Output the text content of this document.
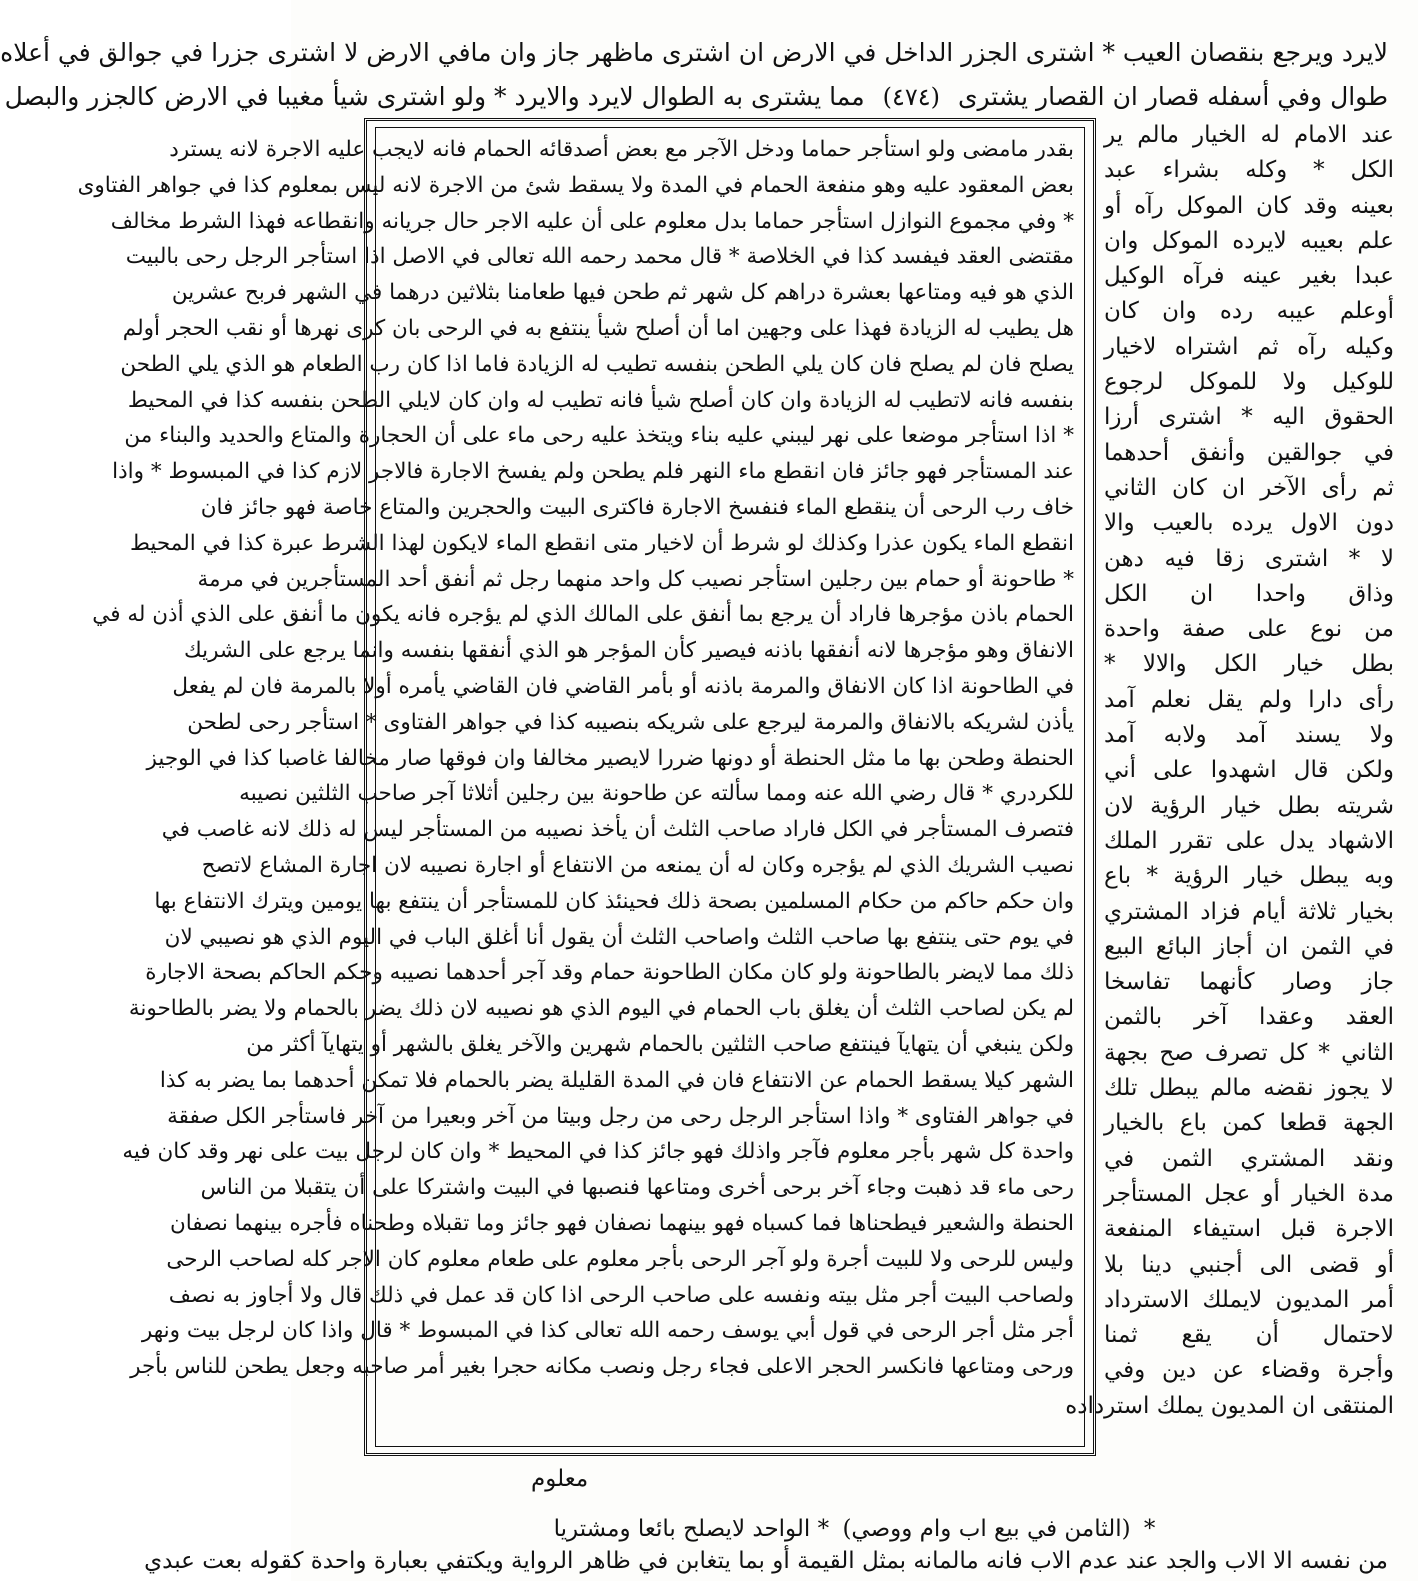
لايرد ويرجع بنقصان العيب * اشترى الجزر الداخل في الارض ان اشترى ماظهر جاز وان مافي الارض لا اشترى جزرا في جوالق في أعلاه
طوال وفي أسفله قصار ان القصار يشترى (٤٧٤) مما يشترى به الطوال لايرد والايرد * ولو اشترى شيأ مغيبا في الارض كالجزر والبصل
عند الامام له الخيار مالم ير
الكل * وكله بشراء عبد
بعينه وقد كان الموكل رآه أو
علم بعيبه لايرده الموكل وان
عبدا بغير عينه فرآه الوكيل
أوعلم عيبه رده وان كان
وكيله رآه ثم اشتراه لاخيار
للوكيل ولا للموكل لرجوع
الحقوق اليه * اشترى أرزا
في جوالقين وأنفق أحدهما
ثم رأى الآخر ان كان الثاني
دون الاول يرده بالعيب والا
لا * اشترى زقا فيه دهن
وذاق واحدا ان الكل
من نوع على صفة واحدة
بطل خيار الكل والالا *
رأى دارا ولم يقل نعلم آمد
ولا يسند آمد ولابه آمد
ولكن قال اشهدوا على أني
شريته بطل خيار الرؤية لان
الاشهاد يدل على تقرر الملك
وبه يبطل خيار الرؤية * باع
بخيار ثلاثة أيام فزاد المشتري
في الثمن ان أجاز البائع البيع
جاز وصار كأنهما تفاسخا
العقد وعقدا آخر بالثمن
الثاني * كل تصرف صح بجهة
لا يجوز نقضه مالم يبطل تلك
الجهة قطعا كمن باع بالخيار
ونقد المشتري الثمن في
مدة الخيار أو عجل المستأجر
الاجرة قبل استيفاء المنفعة
أو قضى الى أجنبي دينا بلا
أمر المديون لايملك الاسترداد
لاحتمال أن يقع ثمنا
وأجرة وقضاء عن دين وفي
المنتقى ان المديون يملك استرداده
بقدر مامضى ولو استأجر حماما ودخل الآجر مع بعض أصدقائه الحمام فانه لايجب عليه الاجرة لانه يسترد
بعض المعقود عليه وهو منفعة الحمام في المدة ولا يسقط شئ من الاجرة لانه ليس بمعلوم كذا في جواهر الفتاوى
* وفي مجموع النوازل استأجر حماما بدل معلوم على أن عليه الاجر حال جريانه وانقطاعه فهذا الشرط مخالف
مقتضى العقد فيفسد كذا في الخلاصة * قال محمد رحمه الله تعالى في الاصل اذا استأجر الرجل رحى بالبيت
الذي هو فيه ومتاعها بعشرة دراهم كل شهر ثم طحن فيها طعامنا بثلاثين درهما في الشهر فربح عشرين
هل يطيب له الزيادة فهذا على وجهين اما أن أصلح شيأ ينتفع به في الرحى بان كرى نهرها أو نقب الحجر أولم
يصلح فان لم يصلح فان كان يلي الطحن بنفسه تطيب له الزيادة فاما اذا كان رب الطعام هو الذي يلي الطحن
بنفسه فانه لاتطيب له الزيادة وان كان أصلح شيأ فانه تطيب له وان كان لايلي الطحن بنفسه كذا في المحيط
* اذا استأجر موضعا على نهر ليبني عليه بناء ويتخذ عليه رحى ماء على أن الحجارة والمتاع والحديد والبناء من
عند المستأجر فهو جائز فان انقطع ماء النهر فلم يطحن ولم يفسخ الاجارة فالاجر لازم كذا في المبسوط * واذا
خاف رب الرحى أن ينقطع الماء فنفسخ الاجارة فاكترى البيت والحجرين والمتاع خاصة فهو جائز فان
انقطع الماء يكون عذرا وكذلك لو شرط أن لاخيار متى انقطع الماء لايكون لهذا الشرط عبرة كذا في المحيط
* طاحونة أو حمام بين رجلين استأجر نصيب كل واحد منهما رجل ثم أنفق أحد المستأجرين في مرمة
الحمام باذن مؤجرها فاراد أن يرجع بما أنفق على المالك الذي لم يؤجره فانه يكون ما أنفق على الذي أذن له في
الانفاق وهو مؤجرها لانه أنفقها باذنه فيصير كأن المؤجر هو الذي أنفقها بنفسه وانما يرجع على الشريك
في الطاحونة اذا كان الانفاق والمرمة باذنه أو بأمر القاضي فان القاضي يأمره أولا بالمرمة فان لم يفعل
يأذن لشريكه بالانفاق والمرمة ليرجع على شريكه بنصيبه كذا في جواهر الفتاوى * استأجر رحى لطحن
الحنطة وطحن بها ما مثل الحنطة أو دونها ضررا لايصير مخالفا وان فوقها صار مخالفا غاصبا كذا في الوجيز
للكردري * قال رضي الله عنه ومما سألته عن طاحونة بين رجلين أثلاثا آجر صاحب الثلثين نصيبه
فتصرف المستأجر في الكل فاراد صاحب الثلث أن يأخذ نصيبه من المستأجر ليس له ذلك لانه غاصب في
نصيب الشريك الذي لم يؤجره وكان له أن يمنعه من الانتفاع أو اجارة نصيبه لان اجارة المشاع لاتصح
وان حكم حاكم من حكام المسلمين بصحة ذلك فحينئذ كان للمستأجر أن ينتفع بها يومين ويترك الانتفاع بها
في يوم حتى ينتفع بها صاحب الثلث واصاحب الثلث أن يقول أنا أغلق الباب في اليوم الذي هو نصيبي لان
ذلك مما لايضر بالطاحونة ولو كان مكان الطاحونة حمام وقد آجر أحدهما نصيبه وحكم الحاكم بصحة الاجارة
لم يكن لصاحب الثلث أن يغلق باب الحمام في اليوم الذي هو نصيبه لان ذلك يضر بالحمام ولا يضر بالطاحونة
ولكن ينبغي أن يتهايآ فينتفع صاحب الثلثين بالحمام شهرين والآخر يغلق بالشهر أو يتهايآ أكثر من
الشهر كيلا يسقط الحمام عن الانتفاع فان في المدة القليلة يضر بالحمام فلا تمكن أحدهما بما يضر به كذا
في جواهر الفتاوى * واذا استأجر الرجل رحى من رجل وبيتا من آخر وبعيرا من آخر فاستأجر الكل صفقة
واحدة كل شهر بأجر معلوم فآجر واذلك فهو جائز كذا في المحيط * وان كان لرجل بيت على نهر وقد كان فيه
رحى ماء قد ذهبت وجاء آخر برحى أخرى ومتاعها فنصبها في البيت واشتركا على أن يتقبلا من الناس
الحنطة والشعير فيطحناها فما كسباه فهو بينهما نصفان فهو جائز وما تقبلاه وطحناه فأجره بينهما نصفان
وليس للرحى ولا للبيت أجرة ولو آجر الرحى بأجر معلوم على طعام معلوم كان الاجر كله لصاحب الرحى
ولصاحب البيت أجر مثل بيته ونفسه على صاحب الرحى اذا كان قد عمل في ذلك قال ولا أجاوز به نصف
أجر مثل أجر الرحى في قول أبي يوسف رحمه الله تعالى كذا في المبسوط * قال واذا كان لرجل بيت ونهر
ورحى ومتاعها فانكسر الحجر الاعلى فجاء رجل ونصب مكانه حجرا بغير أمر صاحبه وجعل يطحن للناس بأجر
معلوم
* (الثامن في بيع اب وام ووصي) * الواحد لايصلح بائعا ومشتريا
من نفسه الا الاب والجد عند عدم الاب فانه مالمانه بمثل القيمة أو بما يتغابن في ظاهر الرواية ويكتفي بعبارة واحدة كقوله بعت عبدي
